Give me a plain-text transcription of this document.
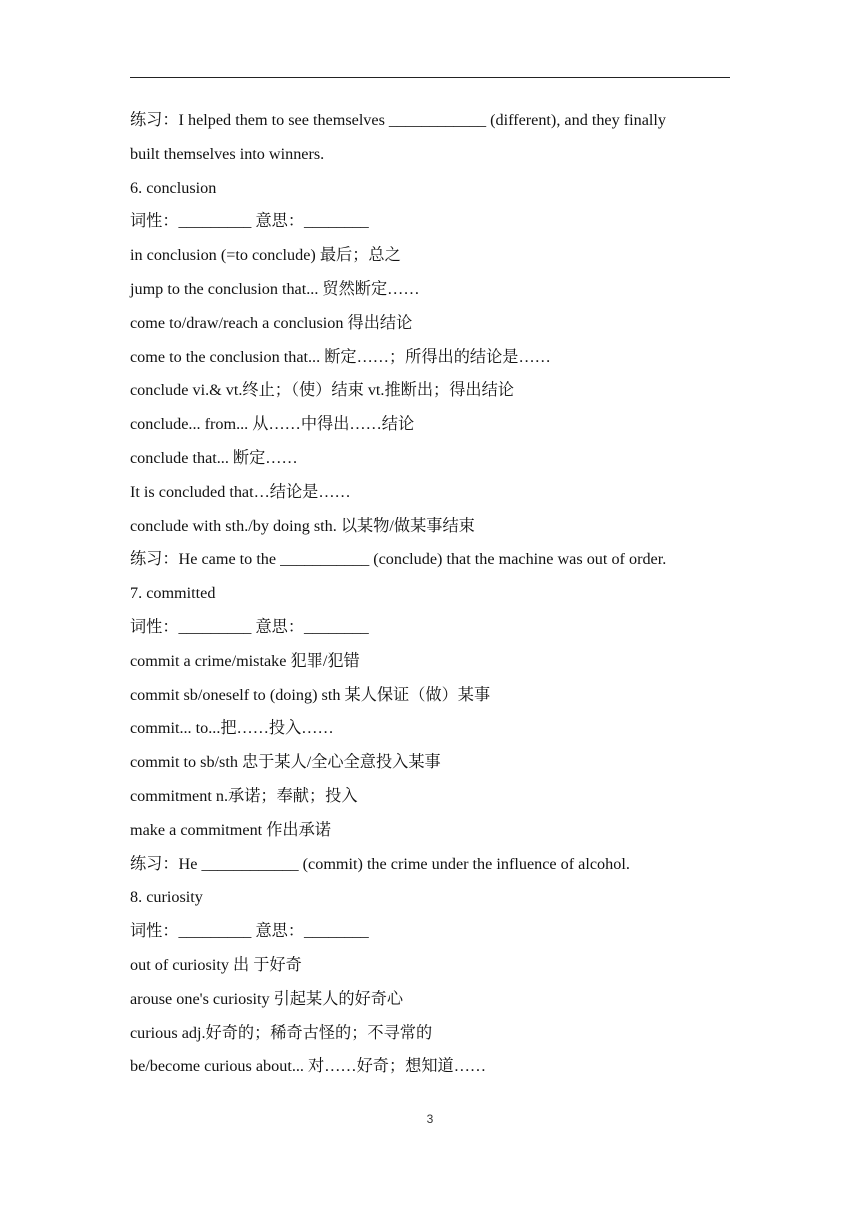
练习：I helped them to see themselves ____________ (different), and they finally
built themselves into winners.
6. conclusion
词性：_________ 意思：________
in conclusion (=to conclude) 最后；总之
jump to the conclusion that... 贸然断定……
come to/draw/reach a conclusion 得出结论
come to the conclusion that... 断定……；所得出的结论是……
conclude vi.& vt.终止；（使）结束 vt.推断出；得出结论
conclude... from... 从……中得出……结论
conclude that... 断定……
It is concluded that…结论是……
conclude with sth./by doing sth. 以某物/做某事结束
练习：He came to the ___________ (conclude) that the machine was out of order.
7. committed
词性：_________ 意思：________
commit a crime/mistake 犯罪/犯错
commit sb/oneself to (doing) sth 某人保证（做）某事
commit... to...把……投入……
commit to sb/sth 忠于某人/全心全意投入某事
commitment n.承诺；奉献；投入
make a commitment 作出承诺
练习：He ____________ (commit) the crime under the influence of alcohol.
8. curiosity
词性：_________ 意思：________
out of curiosity 出 于好奇
arouse one's curiosity 引起某人的好奇心
curious adj.好奇的；稀奇古怪的；不寻常的
be/become curious about... 对……好奇；想知道……
3
